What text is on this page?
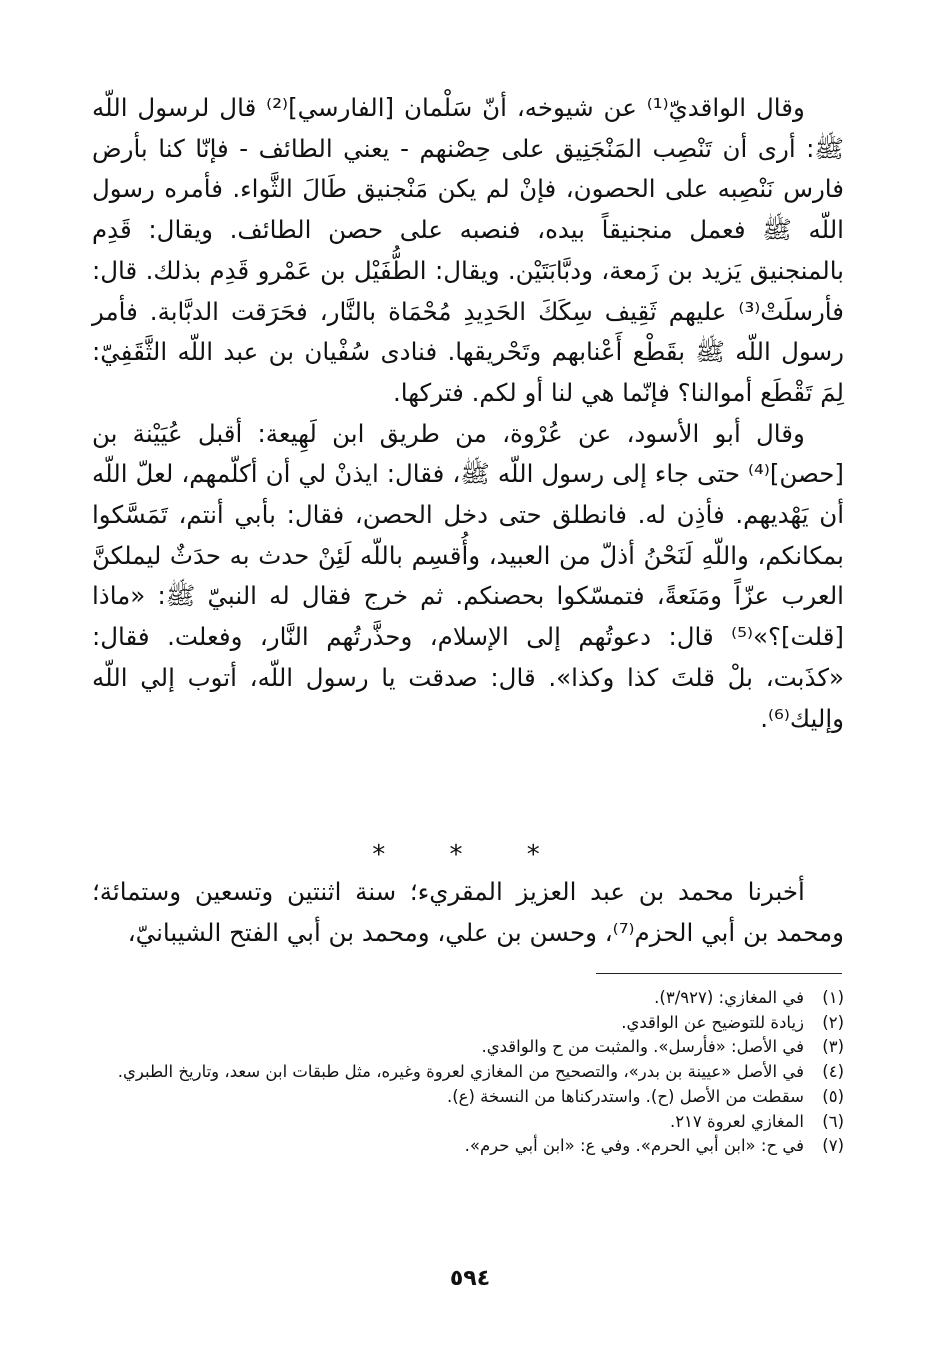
وقال الواقديّ⁽¹⁾ عن شيوخه، أنّ سَلْمان [الفارسي]⁽²⁾ قال لرسول اللّه ﷺ: أرى أن تَنْصِب المَنْجَنِيق على حِصْنهم - يعني الطائف - فإنّا كنا بأرض فارس نَنْصِبه على الحصون، فإنْ لم يكن مَنْجنيق طَالَ الثَّواء. فأمره رسول اللّه ﷺ فعمل منجنيقاً بيده، فنصبه على حصن الطائف. ويقال: قَدِم بالمنجنيق يَزيد بن زَمعة، ودبَّابَتَيْن. ويقال: الطُّفَيْل بن عَمْرو قَدِم بذلك. قال: فأرسلَتْ⁽³⁾ عليهم ثَقِيف سِكَكَ الحَدِيدِ مُحْمَاة بالنَّار، فحَرَقت الدبَّابة. فأمر رسول اللّه ﷺ بقَطْع أَعْنابهم وتَحْريقها. فنادى سُفْيان بن عبد اللّه الثَّقَفِيّ: لِمَ تَقْطَع أموالنا؟ فإنّما هي لنا أو لكم. فتركها.

وقال أبو الأسود، عن عُرْوة، من طريق ابن لَهِيعة: أقبل عُيَيْنة بن [حصن]⁽⁴⁾ حتى جاء إلى رسول اللّه ﷺ، فقال: ايذنْ لي أن أكلّمهم، لعلّ اللّه أن يَهْديهم. فأذِن له. فانطلق حتى دخل الحصن، فقال: بأبي أنتم، تَمَسَّكوا بمكانكم، واللّهِ لَنَحْنُ أذلّ من العبيد، وأُقسِم باللّه لَئِنْ حدث به حدَثٌ ليملكنَّ العرب عزّاً ومَنَعةً، فتمسّكوا بحصنكم. ثم خرج فقال له النبيّ ﷺ: «ماذا [قلت]؟»⁽⁵⁾ قال: دعوتُهم إلى الإسلام، وحذَّرتُهم النَّار، وفعلت. فقال: «كذَبت، بلْ قلتَ كذا وكذا». قال: صدقت يا رسول اللّه، أتوب إلي اللّه وإليك⁽⁶⁾.

* * *

أخبرنا محمد بن عبد العزيز المقريء؛ سنة اثنتين وتسعين وستمائة؛ ومحمد بن أبي الحزم⁽⁷⁾، وحسن بن علي، ومحمد بن أبي الفتح الشيبانيّ،

(١)
في المغازي: (٣/٩٢٧).
(٢)
زيادة للتوضيح عن الواقدي.
(٣)
في الأصل: «فأرسل». والمثبت من ح والواقدي.
(٤)
في الأصل «عيينة بن بدر»، والتصحيح من المغازي لعروة وغيره، مثل طبقات ابن سعد، وتاريخ الطبري.
(٥)
سقطت من الأصل (ح). واستدركناها من النسخة (ع).
(٦)
المغازي لعروة ٢١٧.
(٧)
في ح: «ابن أبي الحرم». وفي ع: «ابن أبي حرم».
٥٩٤
